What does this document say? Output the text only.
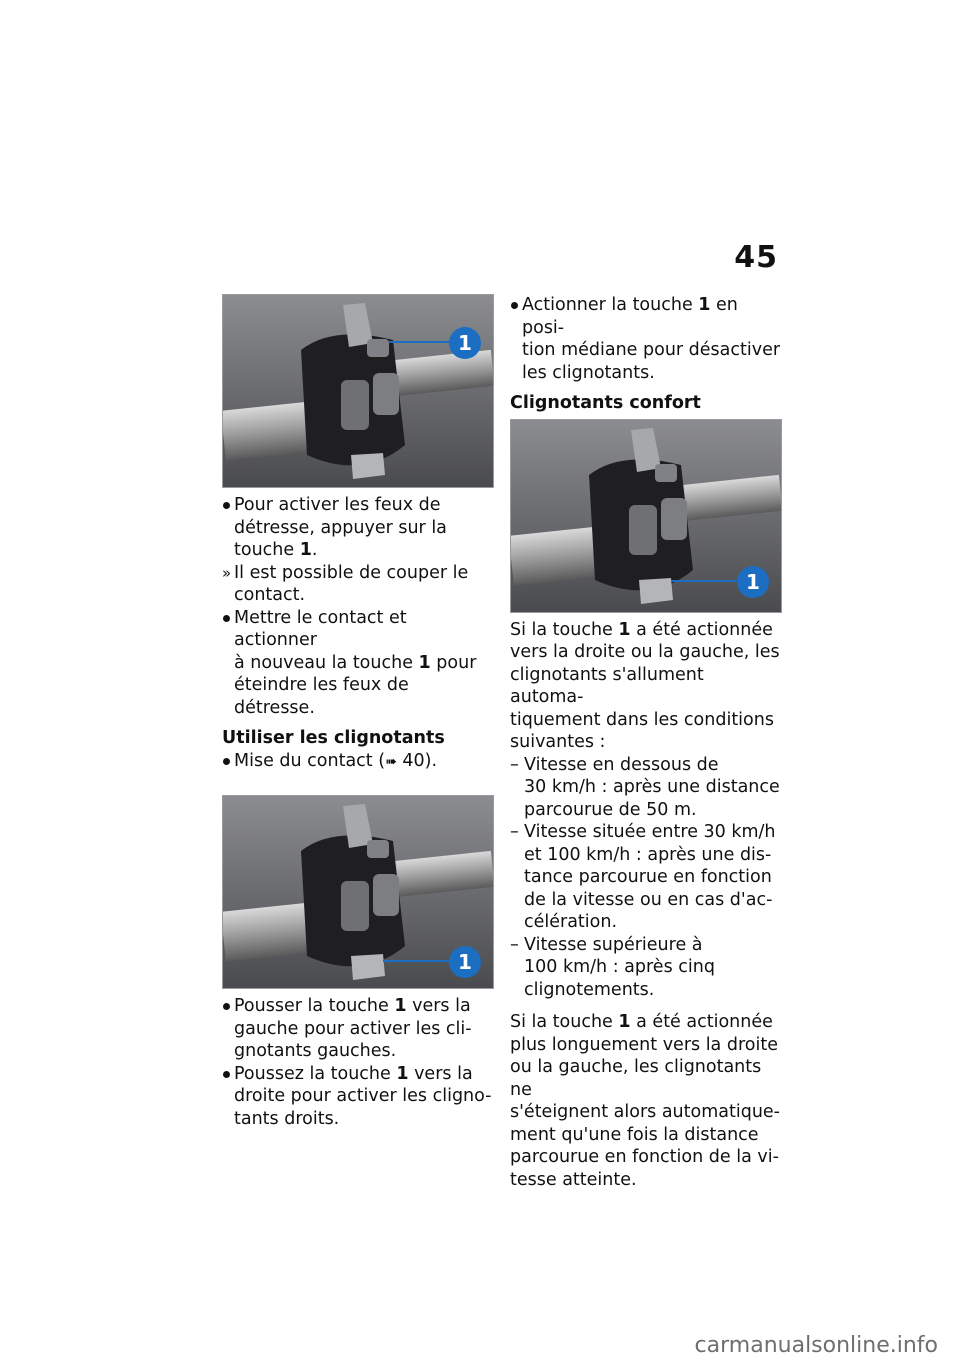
45
1
Pour activer les feux de
détresse, appuyer sur la
touche 1.
» Il est possible de couper le
contact.
Mettre le contact et actionner
à nouveau la touche 1 pour
éteindre les feux de détresse.
Utiliser les clignotants
Mise du contact (➠ 40).
1
Pousser la touche 1 vers la
gauche pour activer les cli-
gnotants gauches.
Poussez la touche 1 vers la
droite pour activer les cligno-
tants droits.
Actionner la touche 1 en posi-
tion médiane pour désactiver
les clignotants.
Clignotants confort
1
Si la touche 1 a été actionnée
vers la droite ou la gauche, les
clignotants s'allument automa-
tiquement dans les conditions
suivantes :
– Vitesse en dessous de
30 km/h : après une distance
parcourue de 50 m.
– Vitesse située entre 30 km/h
et 100 km/h : après une dis-
tance parcourue en fonction
de la vitesse ou en cas d'ac-
célération.
– Vitesse supérieure à
100 km/h : après cinq
clignotements.
Si la touche 1 a été actionnée
plus longuement vers la droite
ou la gauche, les clignotants ne
s'éteignent alors automatique-
ment qu'une fois la distance
parcourue en fonction de la vi-
tesse atteinte.
carmanualsonline.info
